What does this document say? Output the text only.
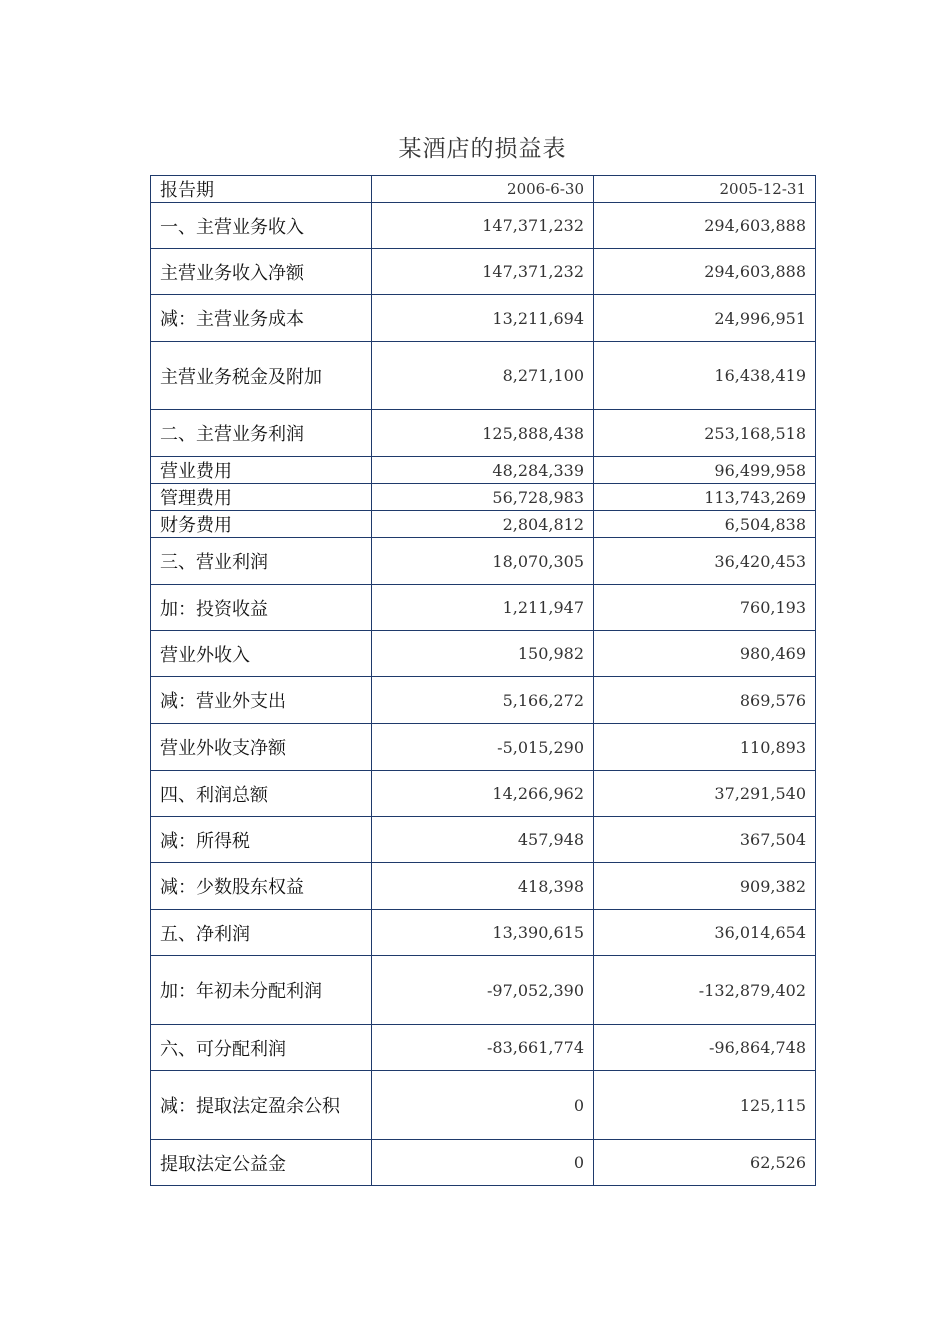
某酒店的损益表
报告期	2006-6-30	2005-12-31
一、主营业务收入	147,371,232	294,603,888
主营业务收入净额	147,371,232	294,603,888
减：主营业务成本	13,211,694	24,996,951
主营业务税金及附加	8,271,100	16,438,419
二、主营业务利润	125,888,438	253,168,518
营业费用	48,284,339	96,499,958
管理费用	56,728,983	113,743,269
财务费用	2,804,812	6,504,838
三、营业利润	18,070,305	36,420,453
加：投资收益	1,211,947	760,193
营业外收入	150,982	980,469
减：营业外支出	5,166,272	869,576
营业外收支净额	-5,015,290	110,893
四、利润总额	14,266,962	37,291,540
减：所得税	457,948	367,504
减：少数股东权益	418,398	909,382
五、净利润	13,390,615	36,014,654
加：年初未分配利润	-97,052,390	-132,879,402
六、可分配利润	-83,661,774	-96,864,748
减：提取法定盈余公积	0	125,115
提取法定公益金	0	62,526
